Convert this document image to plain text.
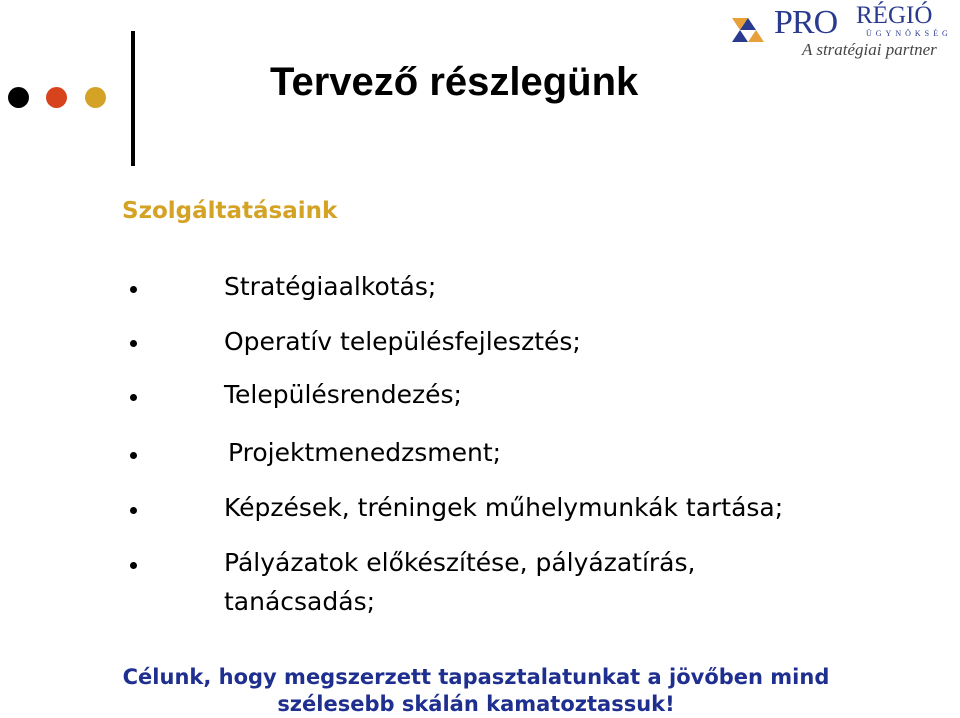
Tervező részlegünk
PRO RÉGIÓ
ÜGYNÖKSÉG
A stratégiai partner
Szolgáltatásaink
Stratégiaalkotás;
Operatív településfejlesztés;
Településrendezés;
Projektmenedzsment;
Képzések, tréningek műhelymunkák tartása;
Pályázatok előkészítése, pályázatírás,
tanácsadás;

Célunk, hogy megszerzett tapasztalatunkat a jövőben mind
szélesebb skálán kamatoztassuk!
